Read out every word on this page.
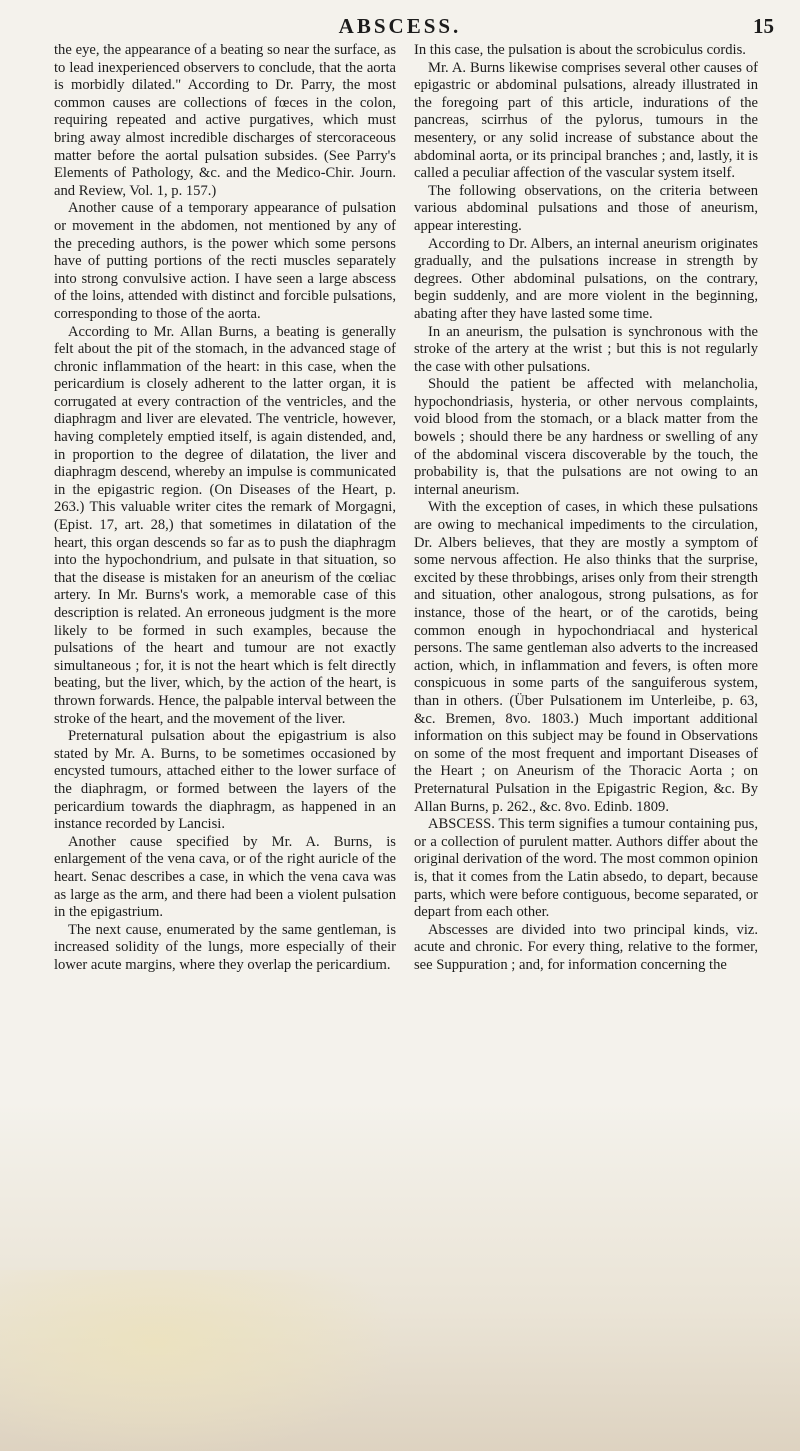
ABSCESS.	15

the eye, the appearance of a beating so near the surface, as to lead inexperienced observers to conclude, that the aorta is morbidly dilated." According to Dr. Parry, the most common causes are collections of fœces in the colon, requiring repeated and active purgatives, which must bring away almost incredible discharges of stercoraceous matter before the aortal pulsation subsides. (See Parry's Elements of Pathology, &c. and the Medico-Chir. Journ. and Review, Vol. 1, p. 157.)

Another cause of a temporary appearance of pulsation or movement in the abdomen, not mentioned by any of the preceding authors, is the power which some persons have of putting portions of the recti muscles separately into strong convulsive action. I have seen a large abscess of the loins, attended with distinct and forcible pulsations, corresponding to those of the aorta.

According to Mr. Allan Burns, a beating is generally felt about the pit of the stomach, in the advanced stage of chronic inflammation of the heart: in this case, when the pericardium is closely adherent to the latter organ, it is corrugated at every contraction of the ventricles, and the diaphragm and liver are elevated. The ventricle, however, having completely emptied itself, is again distended, and, in proportion to the degree of dilatation, the liver and diaphragm descend, whereby an impulse is communicated in the epigastric region. (On Diseases of the Heart, p. 263.) This valuable writer cites the remark of Morgagni, (Epist. 17, art. 28,) that sometimes in dilatation of the heart, this organ descends so far as to push the diaphragm into the hypochondrium, and pulsate in that situation, so that the disease is mistaken for an aneurism of the cœliac artery. In Mr. Burns's work, a memorable case of this description is related. An erroneous judgment is the more likely to be formed in such examples, because the pulsations of the heart and tumour are not exactly simultaneous ; for, it is not the heart which is felt directly beating, but the liver, which, by the action of the heart, is thrown forwards. Hence, the palpable interval between the stroke of the heart, and the movement of the liver.

Preternatural pulsation about the epigastrium is also stated by Mr. A. Burns, to be sometimes occasioned by encysted tumours, attached either to the lower surface of the diaphragm, or formed between the layers of the pericardium towards the diaphragm, as happened in an instance recorded by Lancisi.

Another cause specified by Mr. A. Burns, is enlargement of the vena cava, or of the right auricle of the heart. Senac describes a case, in which the vena cava was as large as the arm, and there had been a violent pulsation in the epigastrium.

The next cause, enumerated by the same gentleman, is increased solidity of the lungs, more especially of their lower acute margins, where they overlap the pericardium.

In this case, the pulsation is about the scrobiculus cordis.

Mr. A. Burns likewise comprises several other causes of epigastric or abdominal pulsations, already illustrated in the foregoing part of this article, indurations of the pancreas, scirrhus of the pylorus, tumours in the mesentery, or any solid increase of substance about the abdominal aorta, or its principal branches ; and, lastly, it is called a peculiar affection of the vascular system itself.

The following observations, on the criteria between various abdominal pulsations and those of aneurism, appear interesting.

According to Dr. Albers, an internal aneurism originates gradually, and the pulsations increase in strength by degrees. Other abdominal pulsations, on the contrary, begin suddenly, and are more violent in the beginning, abating after they have lasted some time.

In an aneurism, the pulsation is synchronous with the stroke of the artery at the wrist ; but this is not regularly the case with other pulsations.

Should the patient be affected with melancholia, hypochondriasis, hysteria, or other nervous complaints, void blood from the stomach, or a black matter from the bowels ; should there be any hardness or swelling of any of the abdominal viscera discoverable by the touch, the probability is, that the pulsations are not owing to an internal aneurism.

With the exception of cases, in which these pulsations are owing to mechanical impediments to the circulation, Dr. Albers believes, that they are mostly a symptom of some nervous affection. He also thinks that the surprise, excited by these throbbings, arises only from their strength and situation, other analogous, strong pulsations, as for instance, those of the heart, or of the carotids, being common enough in hypochondriacal and hysterical persons. The same gentleman also adverts to the increased action, which, in inflammation and fevers, is often more conspicuous in some parts of the sanguiferous system, than in others. (Über Pulsationem im Unterleibe, p. 63, &c. Bremen, 8vo. 1803.) Much important additional information on this subject may be found in Observations on some of the most frequent and important Diseases of the Heart ; on Aneurism of the Thoracic Aorta ; on Preternatural Pulsation in the Epigastric Region, &c. By Allan Burns, p. 262., &c. 8vo. Edinb. 1809.

ABSCESS. This term signifies a tumour containing pus, or a collection of purulent matter. Authors differ about the original derivation of the word. The most common opinion is, that it comes from the Latin absedo, to depart, because parts, which were before contiguous, become separated, or depart from each other.

Abscesses are divided into two principal kinds, viz. acute and chronic. For every thing, relative to the former, see Suppuration ; and, for information concerning the
